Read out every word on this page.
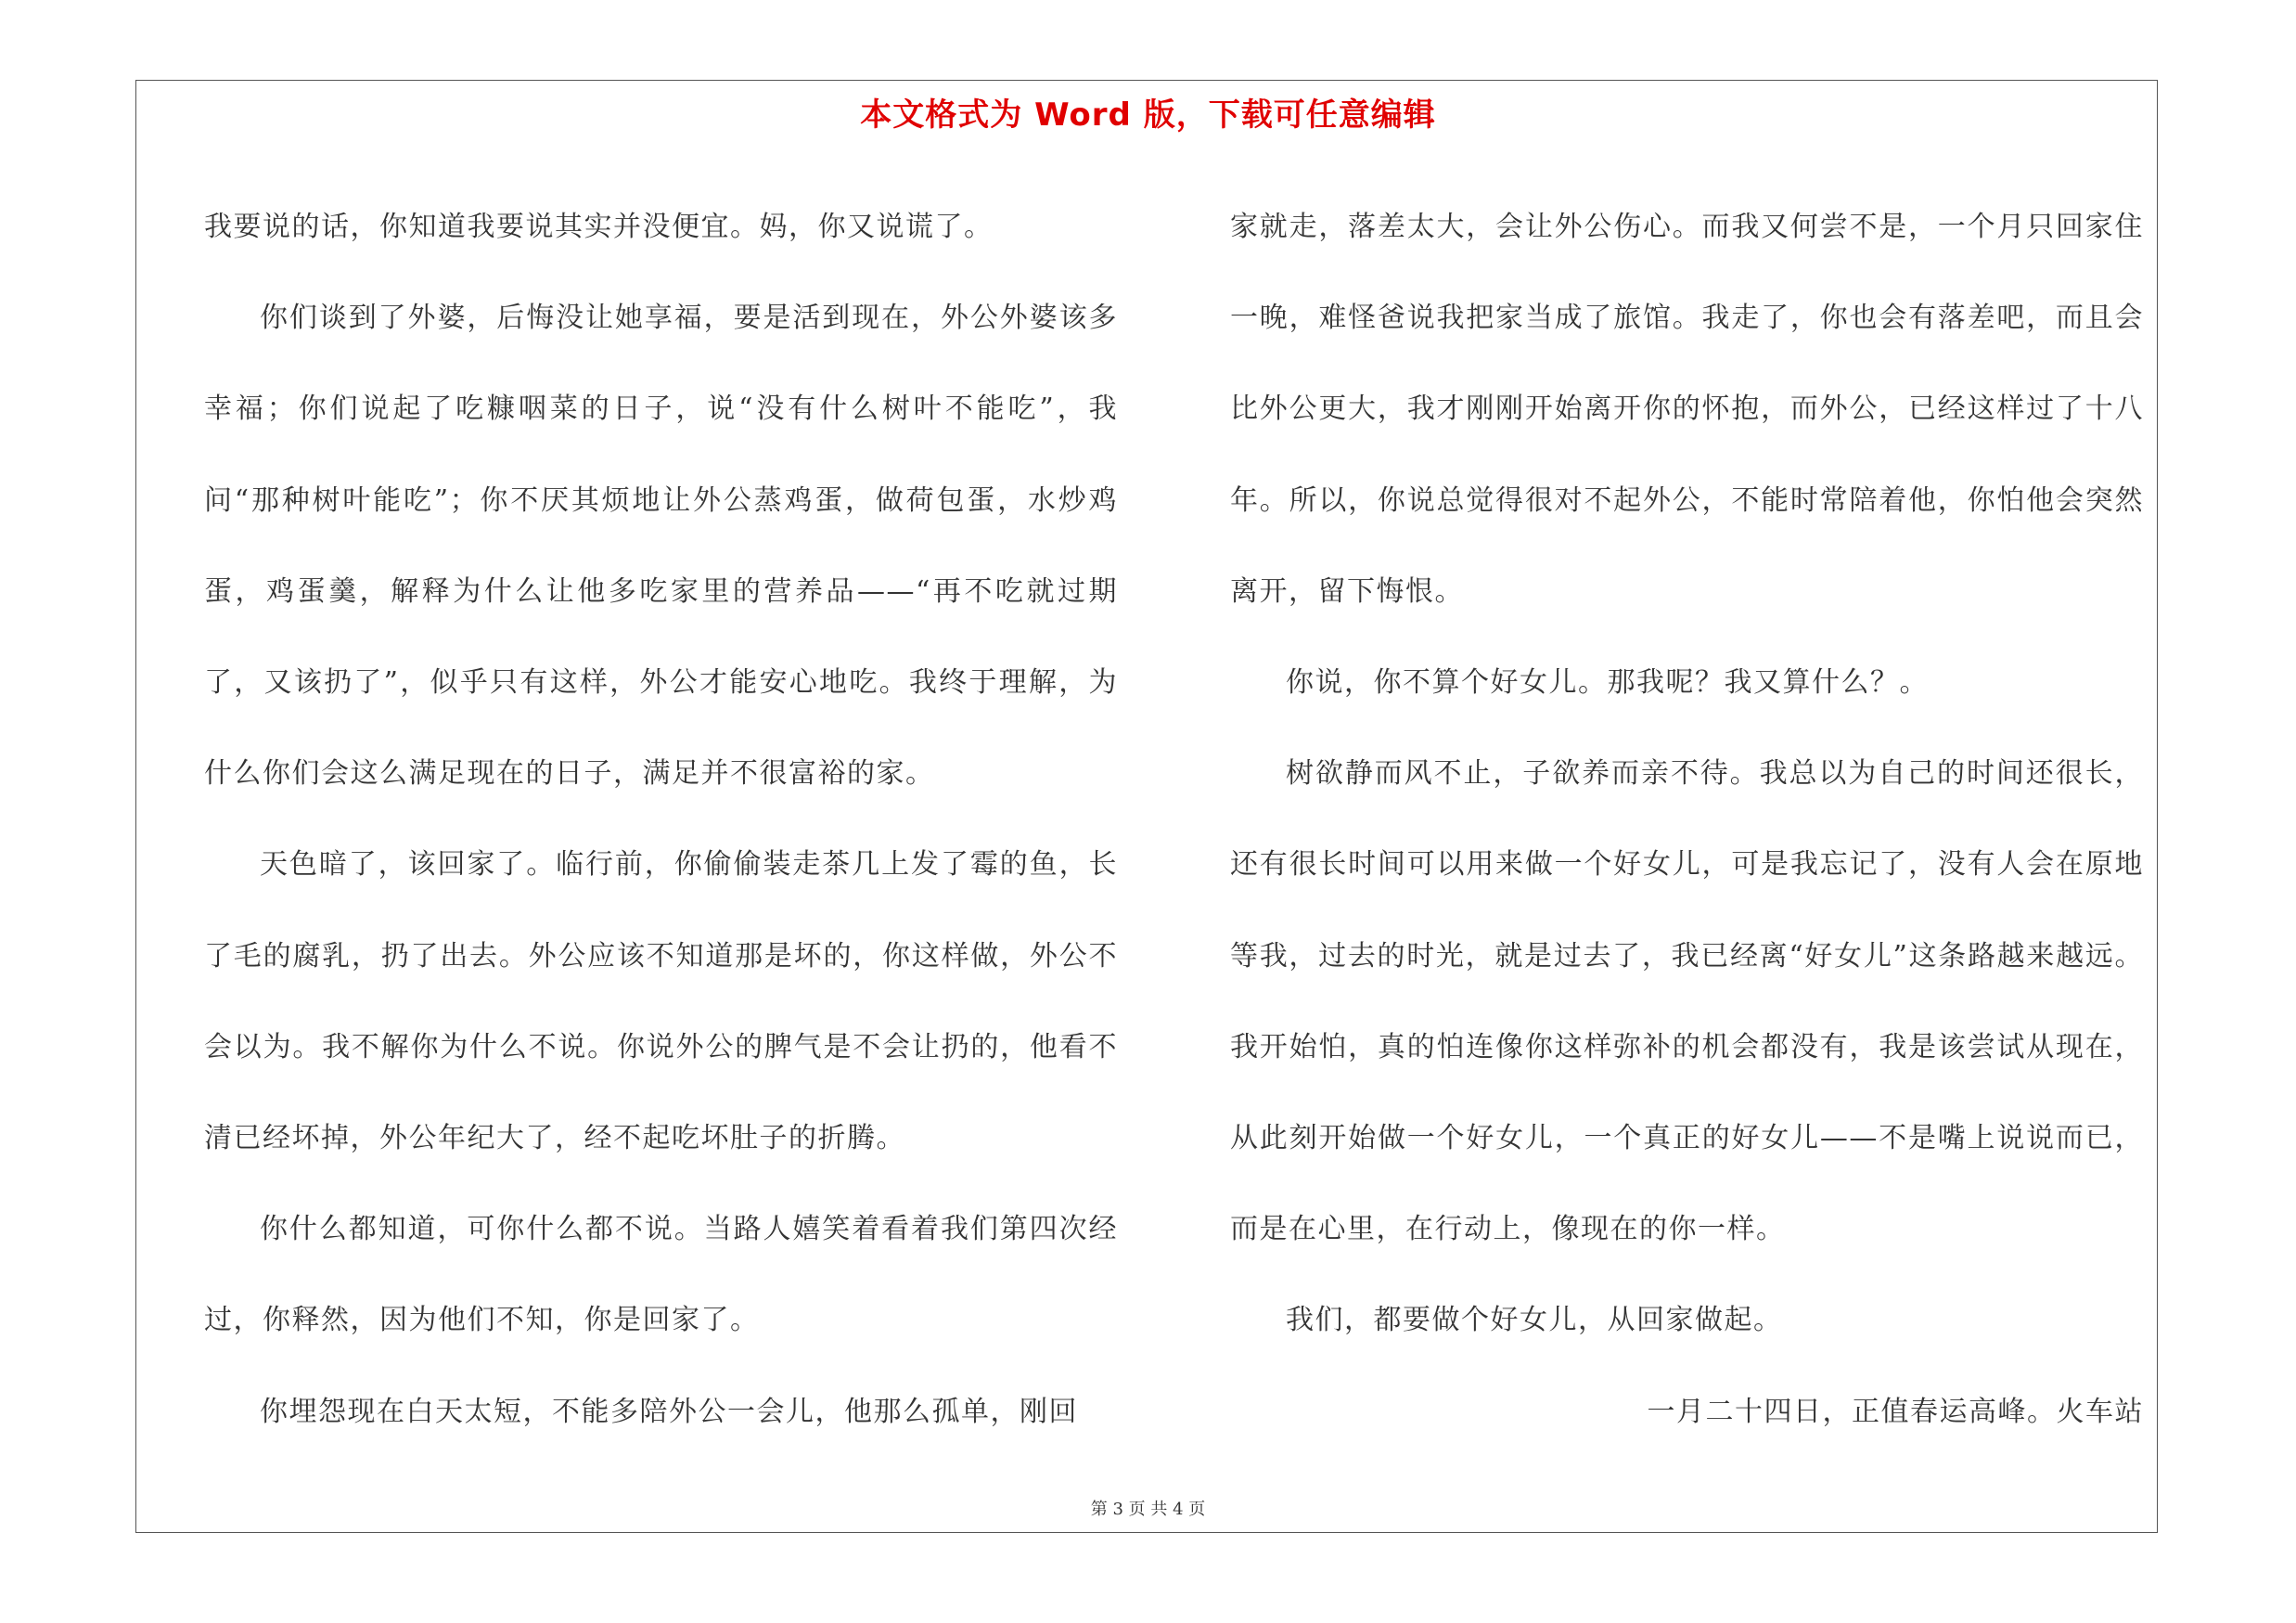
本文格式为 Word 版，下载可任意编辑

我要说的话，你知道我要说其实并没便宜。妈，你又说谎了。

你们谈到了外婆，后悔没让她享福，要是活到现在，外公外婆该多幸福；你们说起了吃糠咽菜的日子，说“没有什么树叶不能吃”，我问“那种树叶能吃”；你不厌其烦地让外公蒸鸡蛋，做荷包蛋，水炒鸡蛋，鸡蛋羹，解释为什么让他多吃家里的营养品——“再不吃就过期了，又该扔了”，似乎只有这样，外公才能安心地吃。我终于理解，为什么你们会这么满足现在的日子，满足并不很富裕的家。

天色暗了，该回家了。临行前，你偷偷装走茶几上发了霉的鱼，长了毛的腐乳，扔了出去。外公应该不知道那是坏的，你这样做，外公不会以为。我不解你为什么不说。你说外公的脾气是不会让扔的，他看不清已经坏掉，外公年纪大了，经不起吃坏肚子的折腾。

你什么都知道，可你什么都不说。当路人嬉笑着看着我们第四次经过，你释然，因为他们不知，你是回家了。

你埋怨现在白天太短，不能多陪外公一会儿，他那么孤单，刚回

家就走，落差太大，会让外公伤心。而我又何尝不是，一个月只回家住一晚，难怪爸说我把家当成了旅馆。我走了，你也会有落差吧，而且会比外公更大，我才刚刚开始离开你的怀抱，而外公，已经这样过了十八年。所以，你说总觉得很对不起外公，不能时常陪着他，你怕他会突然离开，留下悔恨。

你说，你不算个好女儿。那我呢？我又算什么？。

树欲静而风不止，子欲养而亲不待。我总以为自己的时间还很长，还有很长时间可以用来做一个好女儿，可是我忘记了，没有人会在原地等我，过去的时光，就是过去了，我已经离“好女儿”这条路越来越远。我开始怕，真的怕连像你这样弥补的机会都没有，我是该尝试从现在，从此刻开始做一个好女儿，一个真正的好女儿——不是嘴上说说而已，而是在心里，在行动上，像现在的你一样。

我们，都要做个好女儿，从回家做起。

一月二十四日，正值春运高峰。火车站

第 3 页 共 4 页
